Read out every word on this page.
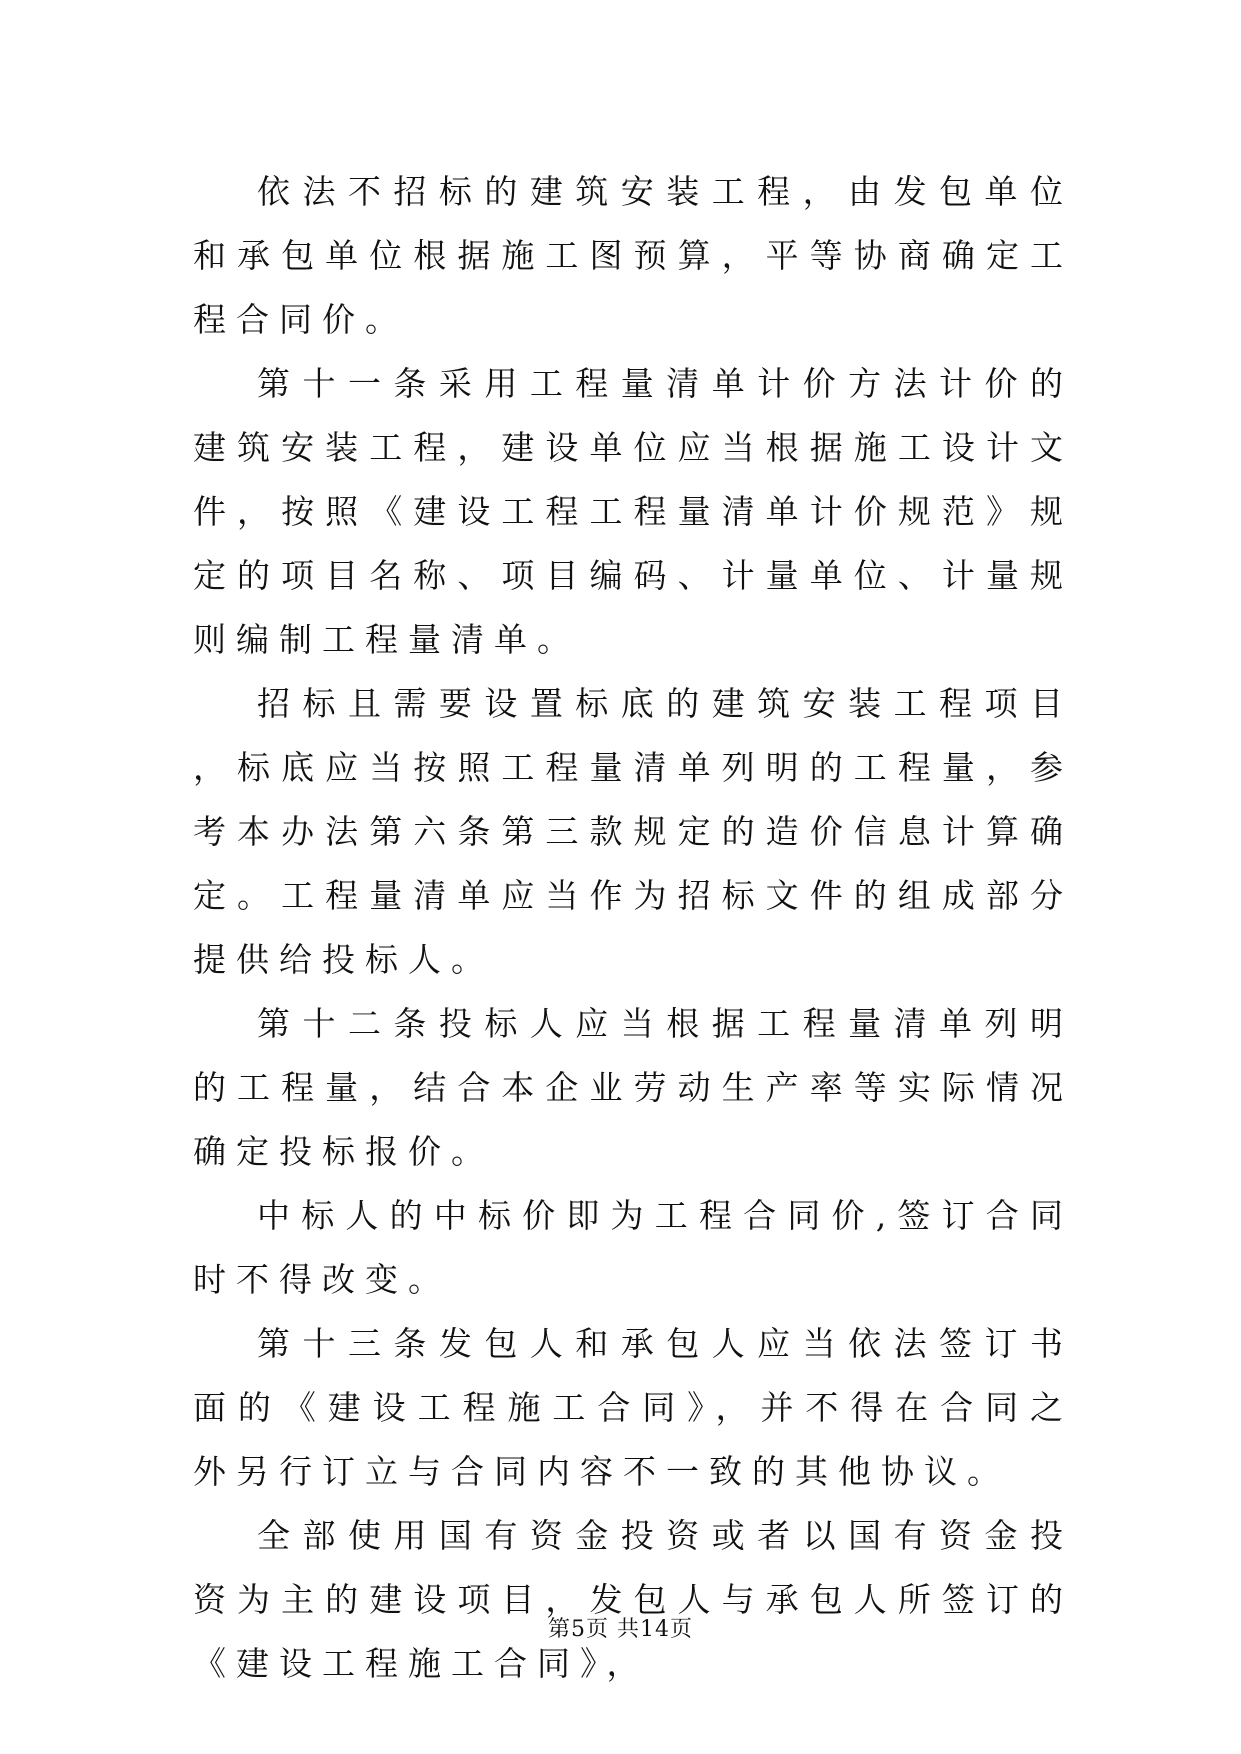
依法不招标的建筑安装工程，由发包单位和承包单位根据施工图预算，平等协商确定工程合同价。

第十一条采用工程量清单计价方法计价的建筑安装工程，建设单位应当根据施工设计文件，按照《建设工程工程量清单计价规范》规定的项目名称、项目编码、计量单位、计量规则编制工程量清单。

招标且需要设置标底的建筑安装工程项目，标底应当按照工程量清单列明的工程量，参考本办法第六条第三款规定的造价信息计算确定。工程量清单应当作为招标文件的组成部分提供给投标人。

第十二条投标人应当根据工程量清单列明的工程量，结合本企业劳动生产率等实际情况确定投标报价。

中标人的中标价即为工程合同价,签订合同时不得改变。

第十三条发包人和承包人应当依法签订书面的《建设工程施工合同》，并不得在合同之外另行订立与合同内容不一致的其他协议。

全部使用国有资金投资或者以国有资金投资为主的建设项目，发包人与承包人所签订的《建设工程施工合同》，

第5页 共14页
